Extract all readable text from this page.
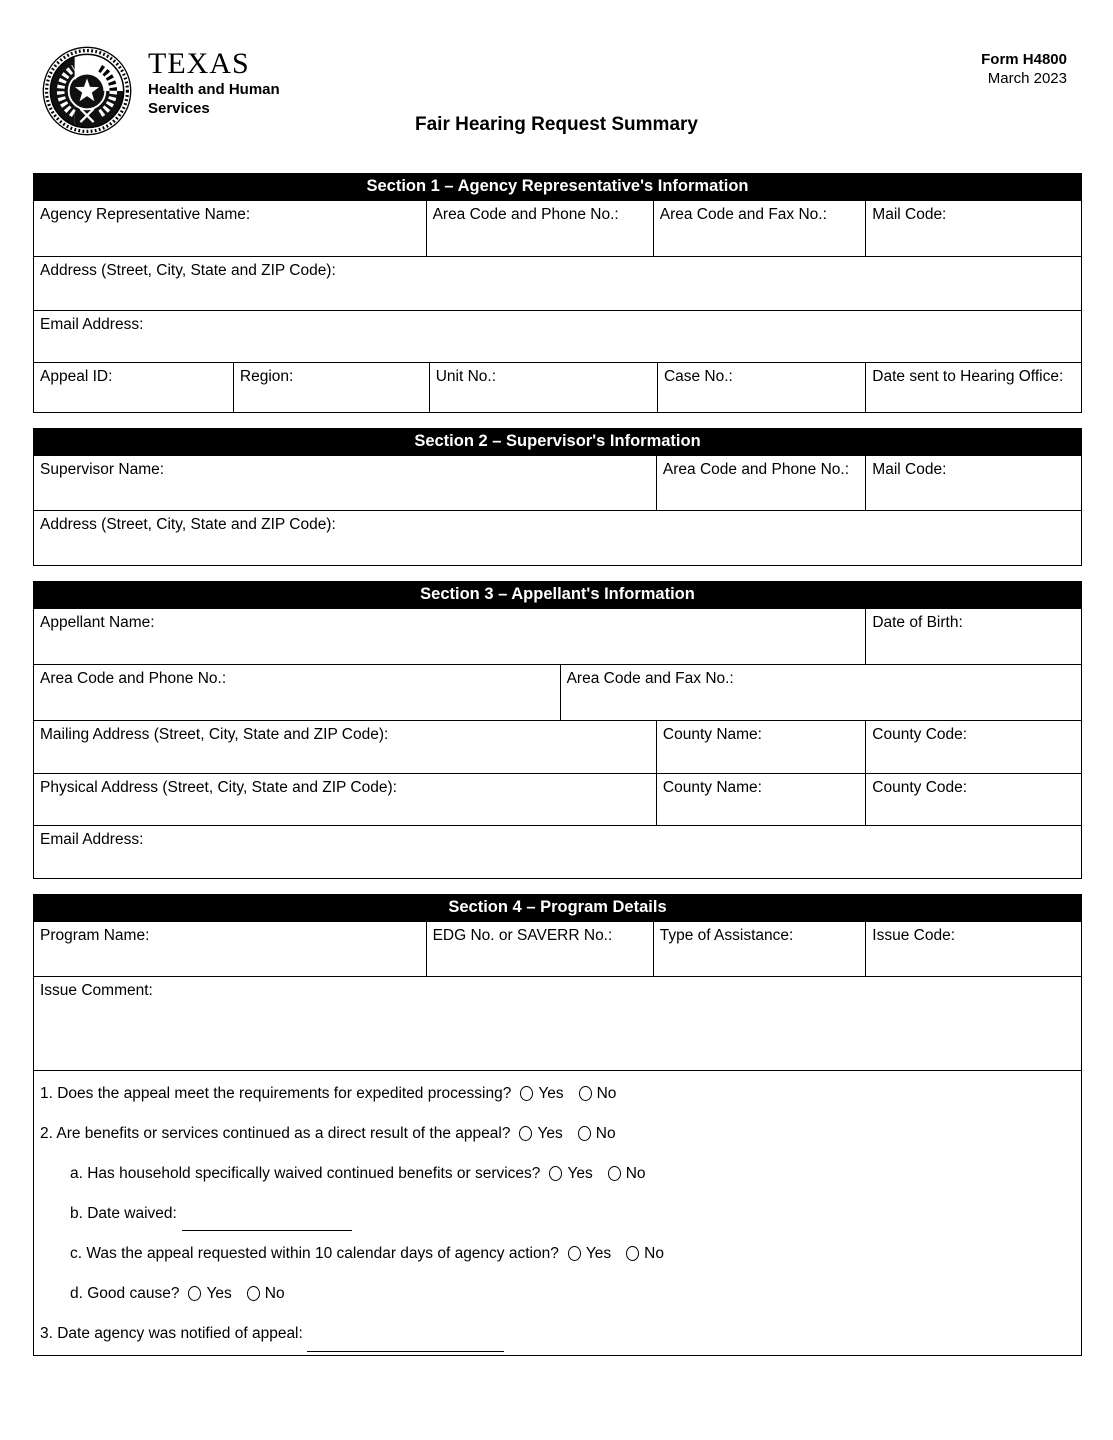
TEXAS
Health and Human
Services
Form H4800
March 2023
Fair Hearing Request Summary
Section 1 – Agency Representative's Information
Agency Representative Name:	Area Code and Phone No.:	Area Code and Fax No.:	Mail Code:
Address (Street, City, State and ZIP Code):
Email Address:
Appeal ID:	Region:	Unit No.:	Case No.:	Date sent to Hearing Office:
Section 2 – Supervisor's Information
Supervisor Name:	Area Code and Phone No.:	Mail Code:
Address (Street, City, State and ZIP Code):
Section 3 – Appellant's Information
Appellant Name:	Date of Birth:
Area Code and Phone No.:	Area Code and Fax No.:
Mailing Address (Street, City, State and ZIP Code):	County Name:	County Code:
Physical Address (Street, City, State and ZIP Code):	County Name:	County Code:
Email Address:
Section 4 – Program Details
Program Name:	EDG No. or SAVERR No.:	Type of Assistance:	Issue Code:
Issue Comment:
1. Does the appeal meet the requirements for expedited processing? Yes No
2. Are benefits or services continued as a direct result of the appeal? Yes No
a. Has household specifically waived continued benefits or services? Yes No
b. Date waived:
c. Was the appeal requested within 10 calendar days of agency action? Yes No
d. Good cause? Yes No
3. Date agency was notified of appeal:
